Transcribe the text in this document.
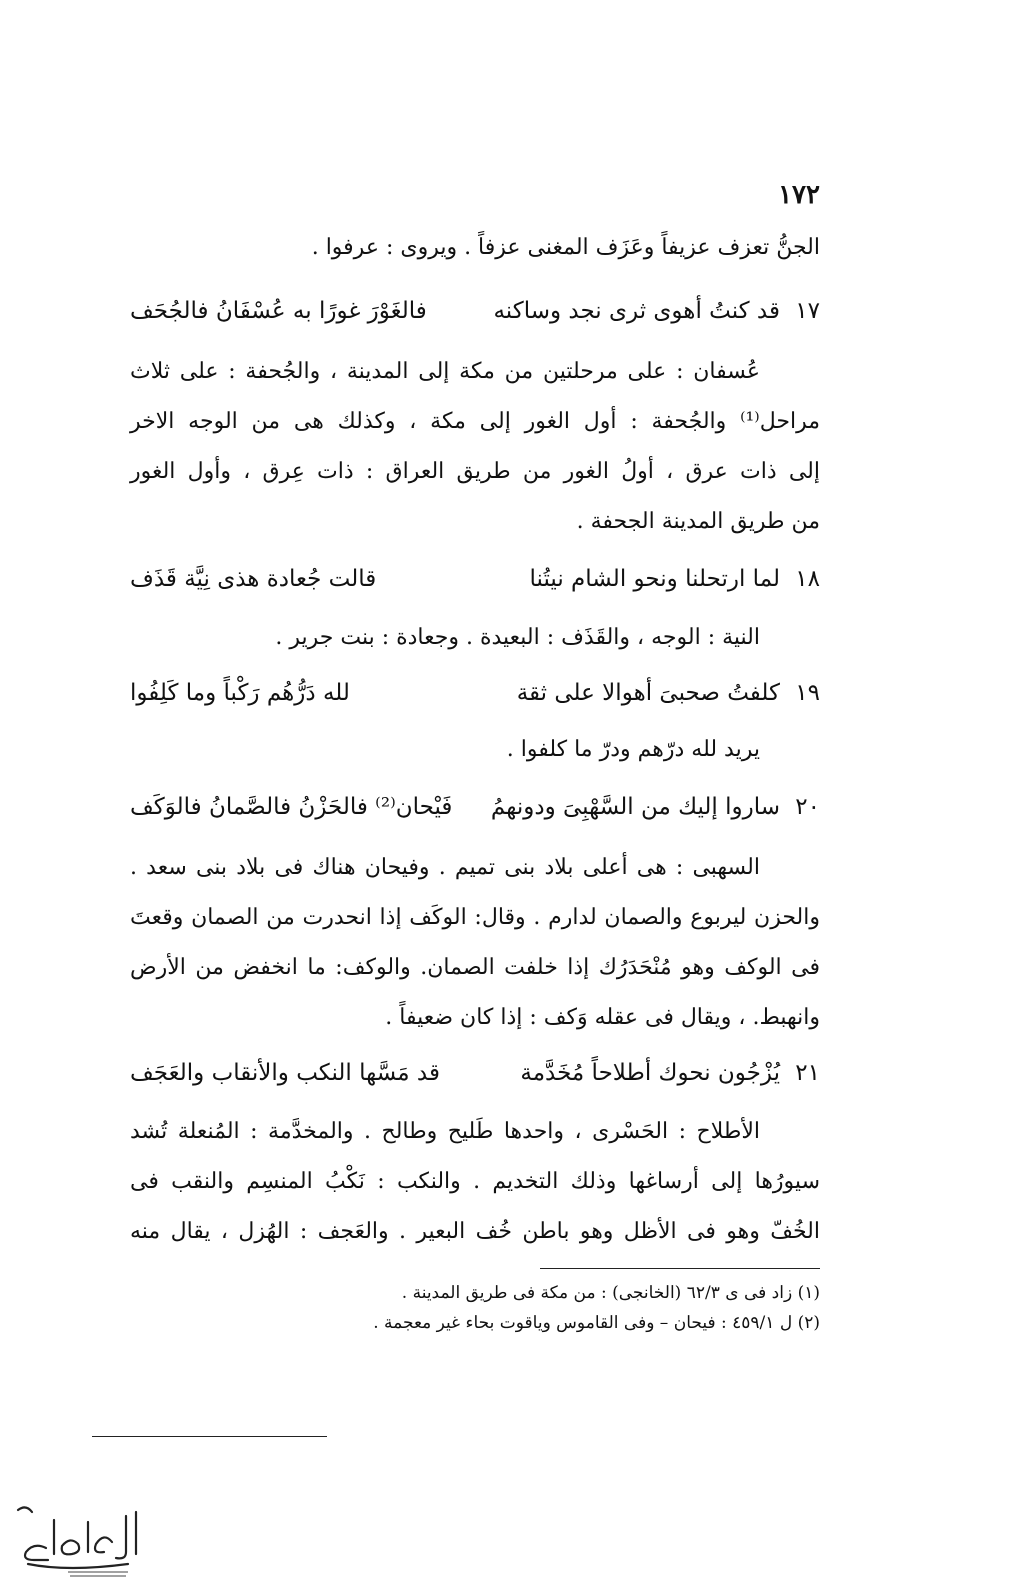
١٧٢
الجنُّ تعزف عزيفاً وعَزَف المغنى عزفاً . ويروى : عرفوا .
١٧
قد كنتُ أهوى ثرى نجد وساكنه
فالغَوْرَ غورًا به عُسْفَانُ فالجُحَف
عُسفان : على مرحلتين من مكة إلى المدينة ، والجُحفة : على ثلاث
مراحل⁽¹⁾ والجُحفة : أول الغور إلى مكة ، وكذلك هى من الوجه الاخر
إلى ذات عرق ، أولُ الغور من طريق العراق : ذات عِرق ، وأول الغور
من طريق المدينة الجحفة .
١٨
لما ارتحلنا ونحو الشام نيتُنا
قالت جُعادة هذى نِيَّة قَذَف
النية : الوجه ، والقَذَف : البعيدة . وجعادة : بنت جرير .
١٩
كلفتُ صحبىَ أهوالا على ثقة
لله دَرُّهُم رَكْباً وما كَلِفُوا
يريد لله درّهم ودرّ ما كلفوا .
٢٠
ساروا إليك من السَّهْبِىَ ودونهمُ
فَيْحان⁽²⁾ فالحَزْنُ فالصَّمانُ فالوَكَف
السهبى : هى أعلى بلاد بنى تميم . وفيحان هناك فى بلاد بنى سعد .
والحزن ليربوع والصمان لدارم . وقال: الوكَف إذا انحدرت من الصمان وقعتَ
فى الوكف وهو مُنْحَدَرُك إذا خلفت الصمان. والوكف: ما انخفض من الأرض
وانهبط. ، ويقال فى عقله وَكف : إذا كان ضعيفاً .
٢١
يُزْجُون نحوك أطلاحاً مُخَدَّمة
قد مَسَّها النكب والأنقاب والعَجَف
الأطلاح : الحَسْرى ، واحدها طَليح وطالح . والمخدَّمة : المُنعلة تُشد
سيورُها إلى أرساغها وذلك التخديم . والنكب : نَكْبُ المنسِم والنقب فى
الخُفّ وهو فى الأظل وهو باطن خُف البعير . والعَجف : الهُزل ، يقال منه
(١) زاد فى ى ٦٢/٣ (الخانجى) : من مكة فى طريق المدينة .
(٢) ل ٤٥٩/١ : فيحان – وفى القاموس وياقوت بحاء غير معجمة .
